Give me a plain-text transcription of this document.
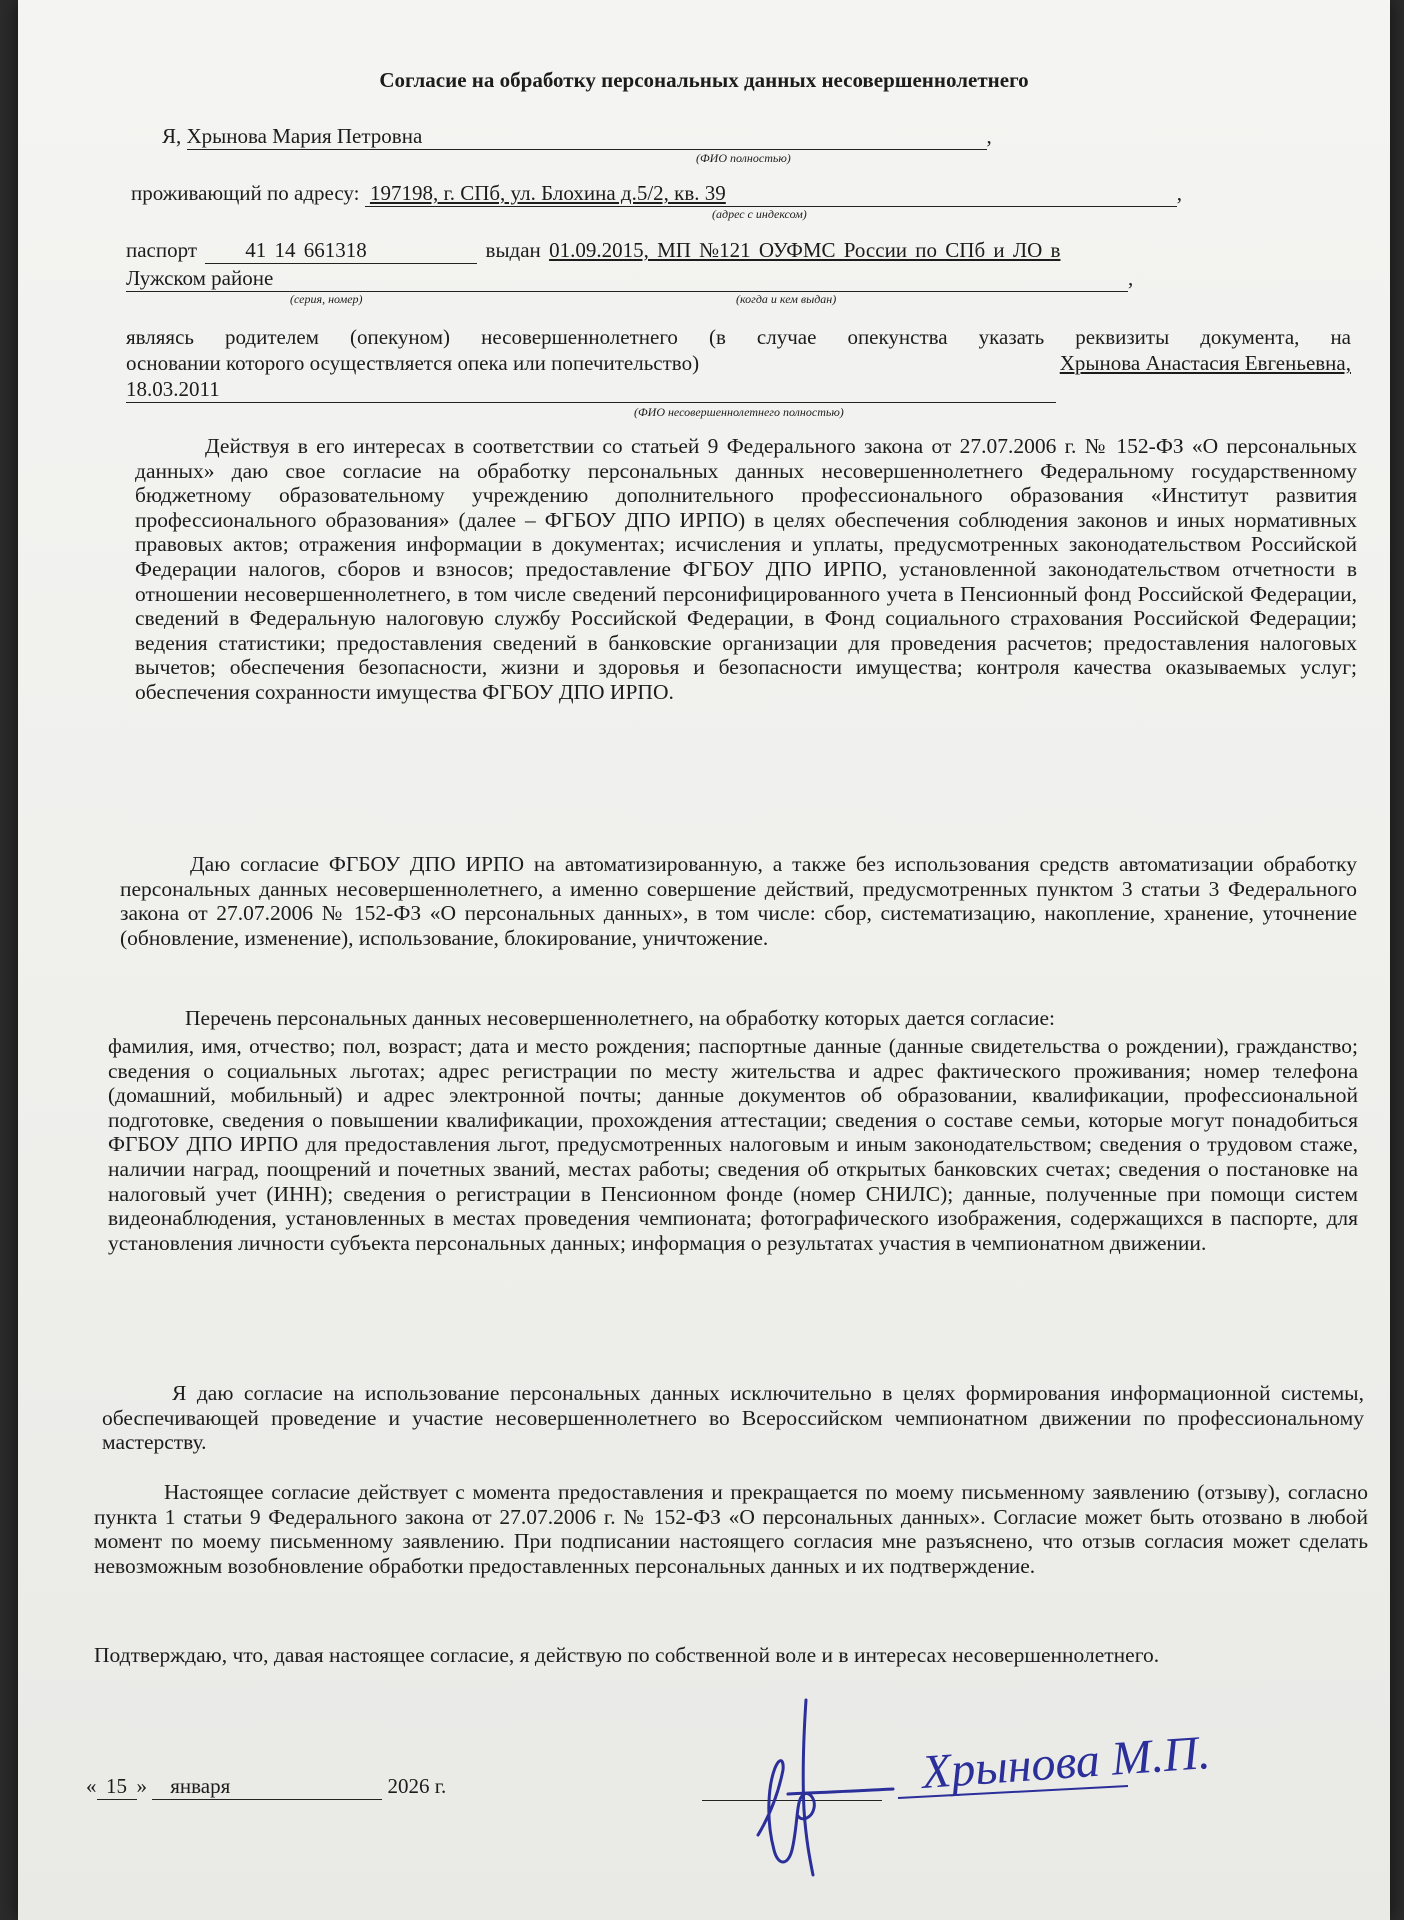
Согласие на обработку персональных данных несовершеннолетнего
Я, Хрынова Мария Петровна	,
(ФИО полностью)
проживающий по адресу: 197198, г. СПб, ул. Блохина д.5/2, кв. 39	,
(адрес с индексом)
паспорт 41 14 661318	выдан 01.09.2015, МП №121 ОУФМС России по СПб и ЛО в
Лужском районе	,
(серия, номер)	(когда и кем выдан)
являясь родителем (опекуном) несовершеннолетнего (в случае опекунства указать реквизиты документа, на
основании которого осуществляется опека или попечительство)	Хрынова Анастасия Евгеньевна,
18.03.2011
(ФИО несовершеннолетнего полностью)
Действуя в его интересах в соответствии со статьей 9 Федерального закона от 27.07.2006 г. № 152-ФЗ «О персональных данных» даю свое согласие на обработку персональных данных несовершеннолетнего Федеральному государственному бюджетному образовательному учреждению дополнительного профессионального образования «Институт развития профессионального образования» (далее – ФГБОУ ДПО ИРПО) в целях обеспечения соблюдения законов и иных нормативных правовых актов; отражения информации в документах; исчисления и уплаты, предусмотренных законодательством Российской Федерации налогов, сборов и взносов; предоставление ФГБОУ ДПО ИРПО, установленной законодательством отчетности в отношении несовершеннолетнего, в том числе сведений персонифицированного учета в Пенсионный фонд Российской Федерации, сведений в Федеральную налоговую службу Российской Федерации, в Фонд социального страхования Российской Федерации; ведения статистики; предоставления сведений в банковские организации для проведения расчетов; предоставления налоговых вычетов; обеспечения безопасности, жизни и здоровья и безопасности имущества; контроля качества оказываемых услуг; обеспечения сохранности имущества ФГБОУ ДПО ИРПО.
Даю согласие ФГБОУ ДПО ИРПО на автоматизированную, а также без использования средств автоматизации обработку персональных данных несовершеннолетнего, а именно совершение действий, предусмотренных пунктом 3 статьи 3 Федерального закона от 27.07.2006 № 152-ФЗ «О персональных данных», в том числе: сбор, систематизацию, накопление, хранение, уточнение (обновление, изменение), использование, блокирование, уничтожение.
Перечень персональных данных несовершеннолетнего, на обработку которых дается согласие:
фамилия, имя, отчество; пол, возраст; дата и место рождения; паспортные данные (данные свидетельства о рождении), гражданство; сведения о социальных льготах; адрес регистрации по месту жительства и адрес фактического проживания; номер телефона (домашний, мобильный) и адрес электронной почты; данные документов об образовании, квалификации, профессиональной подготовке, сведения о повышении квалификации, прохождения аттестации; сведения о составе семьи, которые могут понадобиться ФГБОУ ДПО ИРПО для предоставления льгот, предусмотренных налоговым и иным законодательством; сведения о трудовом стаже, наличии наград, поощрений и почетных званий, местах работы; сведения об открытых банковских счетах; сведения о постановке на налоговый учет (ИНН); сведения о регистрации в Пенсионном фонде (номер СНИЛС); данные, полученные при помощи систем видеонаблюдения, установленных в местах проведения чемпионата; фотографического изображения, содержащихся в паспорте, для установления личности субъекта персональных данных; информация о результатах участия в чемпионатном движении.
Я даю согласие на использование персональных данных исключительно в целях формирования информационной системы, обеспечивающей проведение и участие несовершеннолетнего во Всероссийском чемпионатном движении по профессиональному мастерству.
Настоящее согласие действует с момента предоставления и прекращается по моему письменному заявлению (отзыву), согласно пункта 1 статьи 9 Федерального закона от 27.07.2006 г. № 152-ФЗ «О персональных данных». Согласие может быть отозвано в любой момент по моему письменному заявлению. При подписании настоящего согласия мне разъяснено, что отзыв согласия может сделать невозможным возобновление обработки предоставленных персональных данных и их подтверждение.
Подтверждаю, что, давая настоящее согласие, я действую по собственной воле и в интересах несовершеннолетнего.
« 15 » января	2026 г.	Хрынова М.П.
